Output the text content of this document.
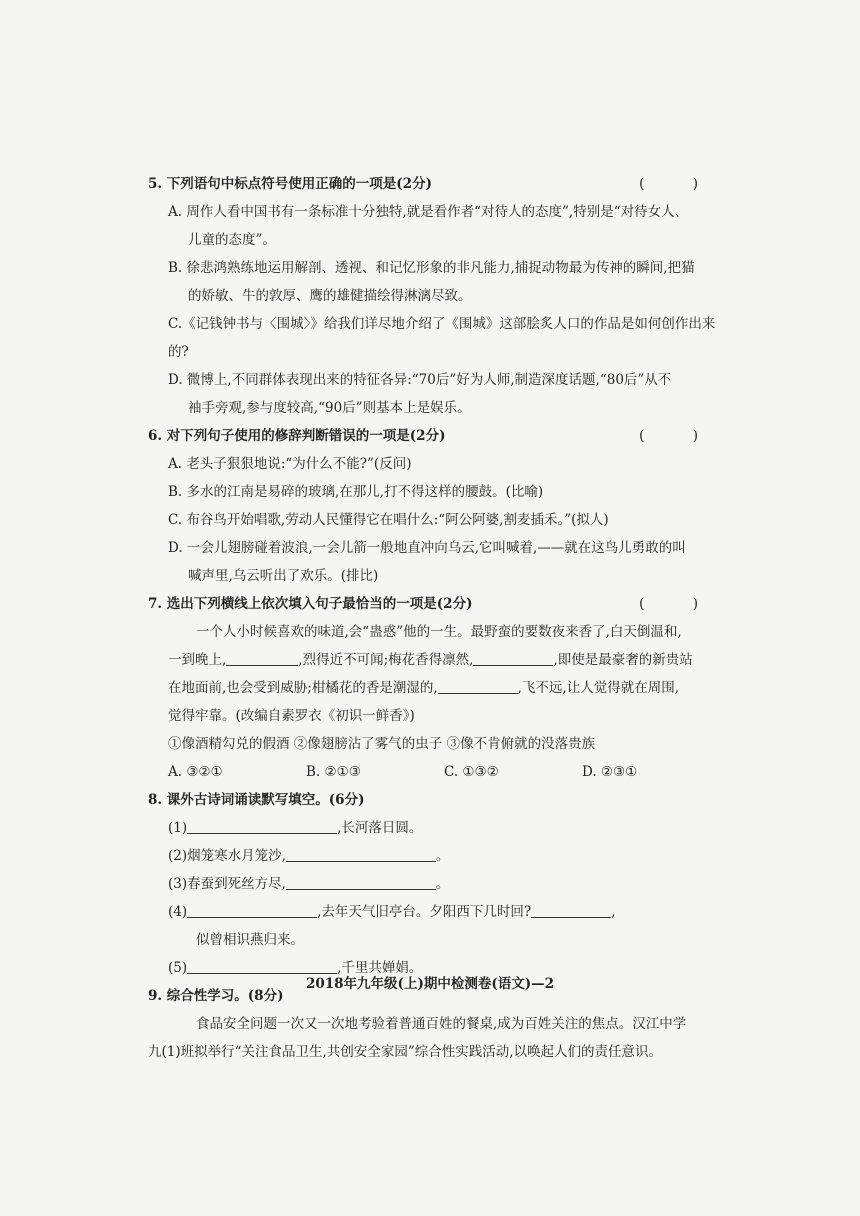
5. 下列语句中标点符号使用正确的一项是(2分)	( )
A. 周作人看中国书有一条标准十分独特,就是看作者“对待人的态度”,特别是“对待女人、
儿童的态度”。
B. 徐悲鸿熟练地运用解剖、透视、和记忆形象的非凡能力,捕捉动物最为传神的瞬间,把猫
的娇敏、牛的敦厚、鹰的雄健描绘得淋漓尽致。
C.《记钱钟书与〈围城〉》给我们详尽地介绍了《围城》这部脍炙人口的作品是如何创作出来的?
D. 微博上,不同群体表现出来的特征各异:“70后”好为人师,制造深度话题,“80后”从不
袖手旁观,参与度较高,“90后”则基本上是娱乐。
6. 对下列句子使用的修辞判断错误的一项是(2分)	( )
A. 老头子狠狠地说:“为什么不能?”(反问)
B. 多水的江南是易碎的玻璃,在那儿,打不得这样的腰鼓。(比喻)
C. 布谷鸟开始唱歌,劳动人民懂得它在唱什么:“阿公阿婆,割麦插禾。”(拟人)
D. 一会儿翅膀碰着波浪,一会儿箭一般地直冲向乌云,它叫喊着,——就在这鸟儿勇敢的叫
喊声里,乌云听出了欢乐。(排比)
7. 选出下列横线上依次填入句子最恰当的一项是(2分)	( )
一个人小时候喜欢的味道,会“蛊惑”他的一生。最野蛮的要数夜来香了,白天倒温和,
一到晚上,	,烈得近不可闻;梅花香得凛然,	,即使是最豪奢的新贵站
在地面前,也会受到威胁;柑橘花的香是潮湿的,	,飞不远,让人觉得就在周围,
觉得牢靠。(改编自素罗衣《初识一鲜香》)
①像酒精勾兑的假酒 ②像翅膀沾了雾气的虫子 ③像不肯俯就的没落贵族
A. ③②①	B. ②①③	C. ①③②	D. ②③①
8. 课外古诗词诵读默写填空。(6分)
(1)	,长河落日圆。
(2)烟笼寒水月笼沙,	。
(3)春蚕到死丝方尽,	。
(4)	,去年天气旧亭台。夕阳西下几时回?	,
似曾相识燕归来。
(5)	,千里共婵娟。
9. 综合性学习。(8分)
食品安全问题一次又一次地考验着普通百姓的餐桌,成为百姓关注的焦点。汉江中学
九(1)班拟举行“关注食品卫生,共创安全家园”综合性实践活动,以唤起人们的责任意识。
2018年九年级(上)期中检测卷(语文)—2
